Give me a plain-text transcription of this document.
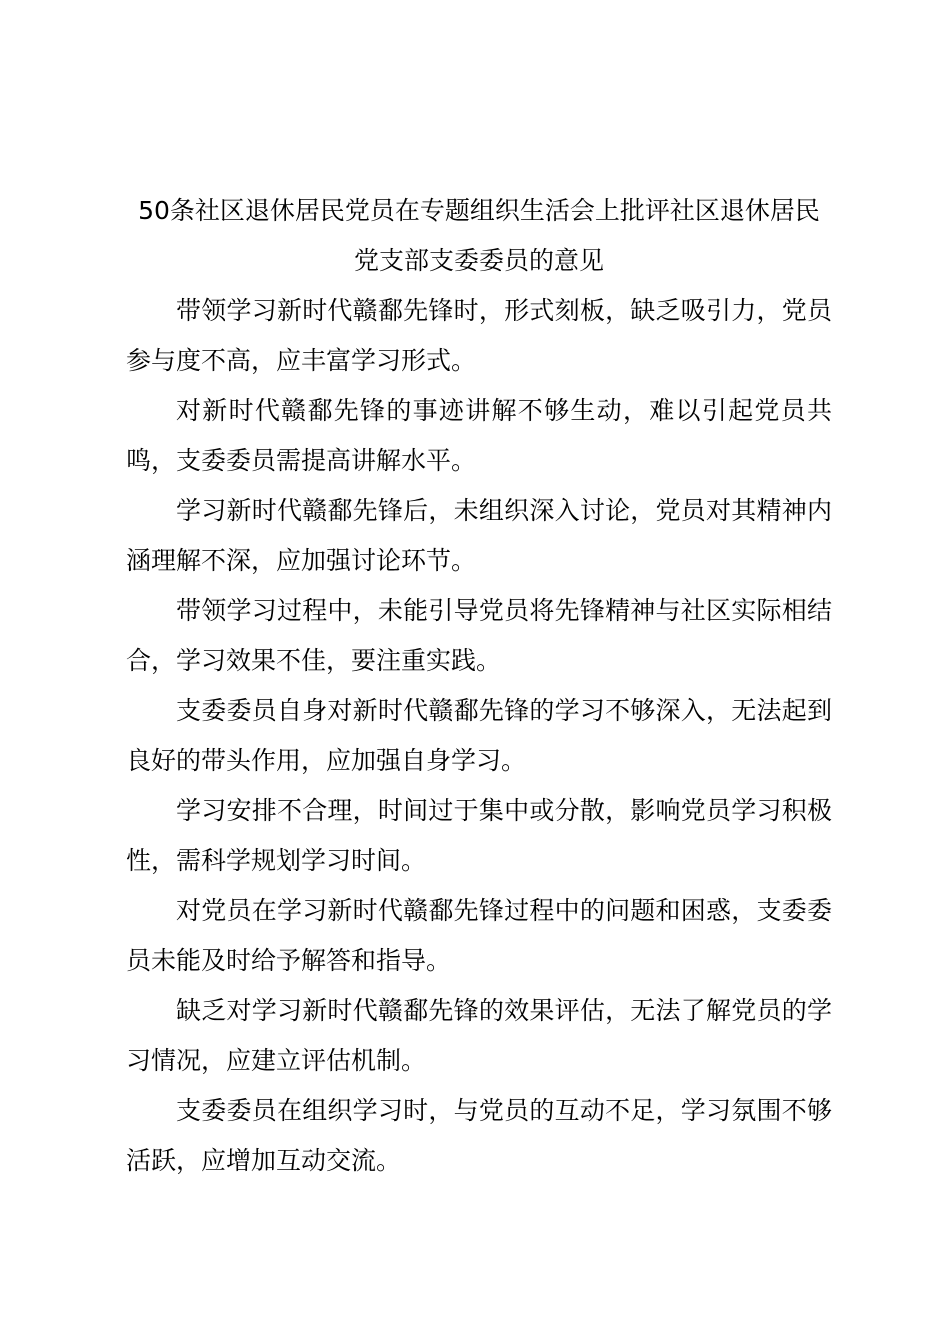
50条社区退休居民党员在专题组织生活会上批评社区退休居民党支部支委委员的意见

带领学习新时代赣鄱先锋时，形式刻板，缺乏吸引力，党员参与度不高，应丰富学习形式。

对新时代赣鄱先锋的事迹讲解不够生动，难以引起党员共鸣，支委委员需提高讲解水平。

学习新时代赣鄱先锋后，未组织深入讨论，党员对其精神内涵理解不深，应加强讨论环节。

带领学习过程中，未能引导党员将先锋精神与社区实际相结合，学习效果不佳，要注重实践。

支委委员自身对新时代赣鄱先锋的学习不够深入，无法起到良好的带头作用，应加强自身学习。

学习安排不合理，时间过于集中或分散，影响党员学习积极性，需科学规划学习时间。

对党员在学习新时代赣鄱先锋过程中的问题和困惑，支委委员未能及时给予解答和指导。

缺乏对学习新时代赣鄱先锋的效果评估，无法了解党员的学习情况，应建立评估机制。

支委委员在组织学习时，与党员的互动不足，学习氛围不够活跃，应增加互动交流。
